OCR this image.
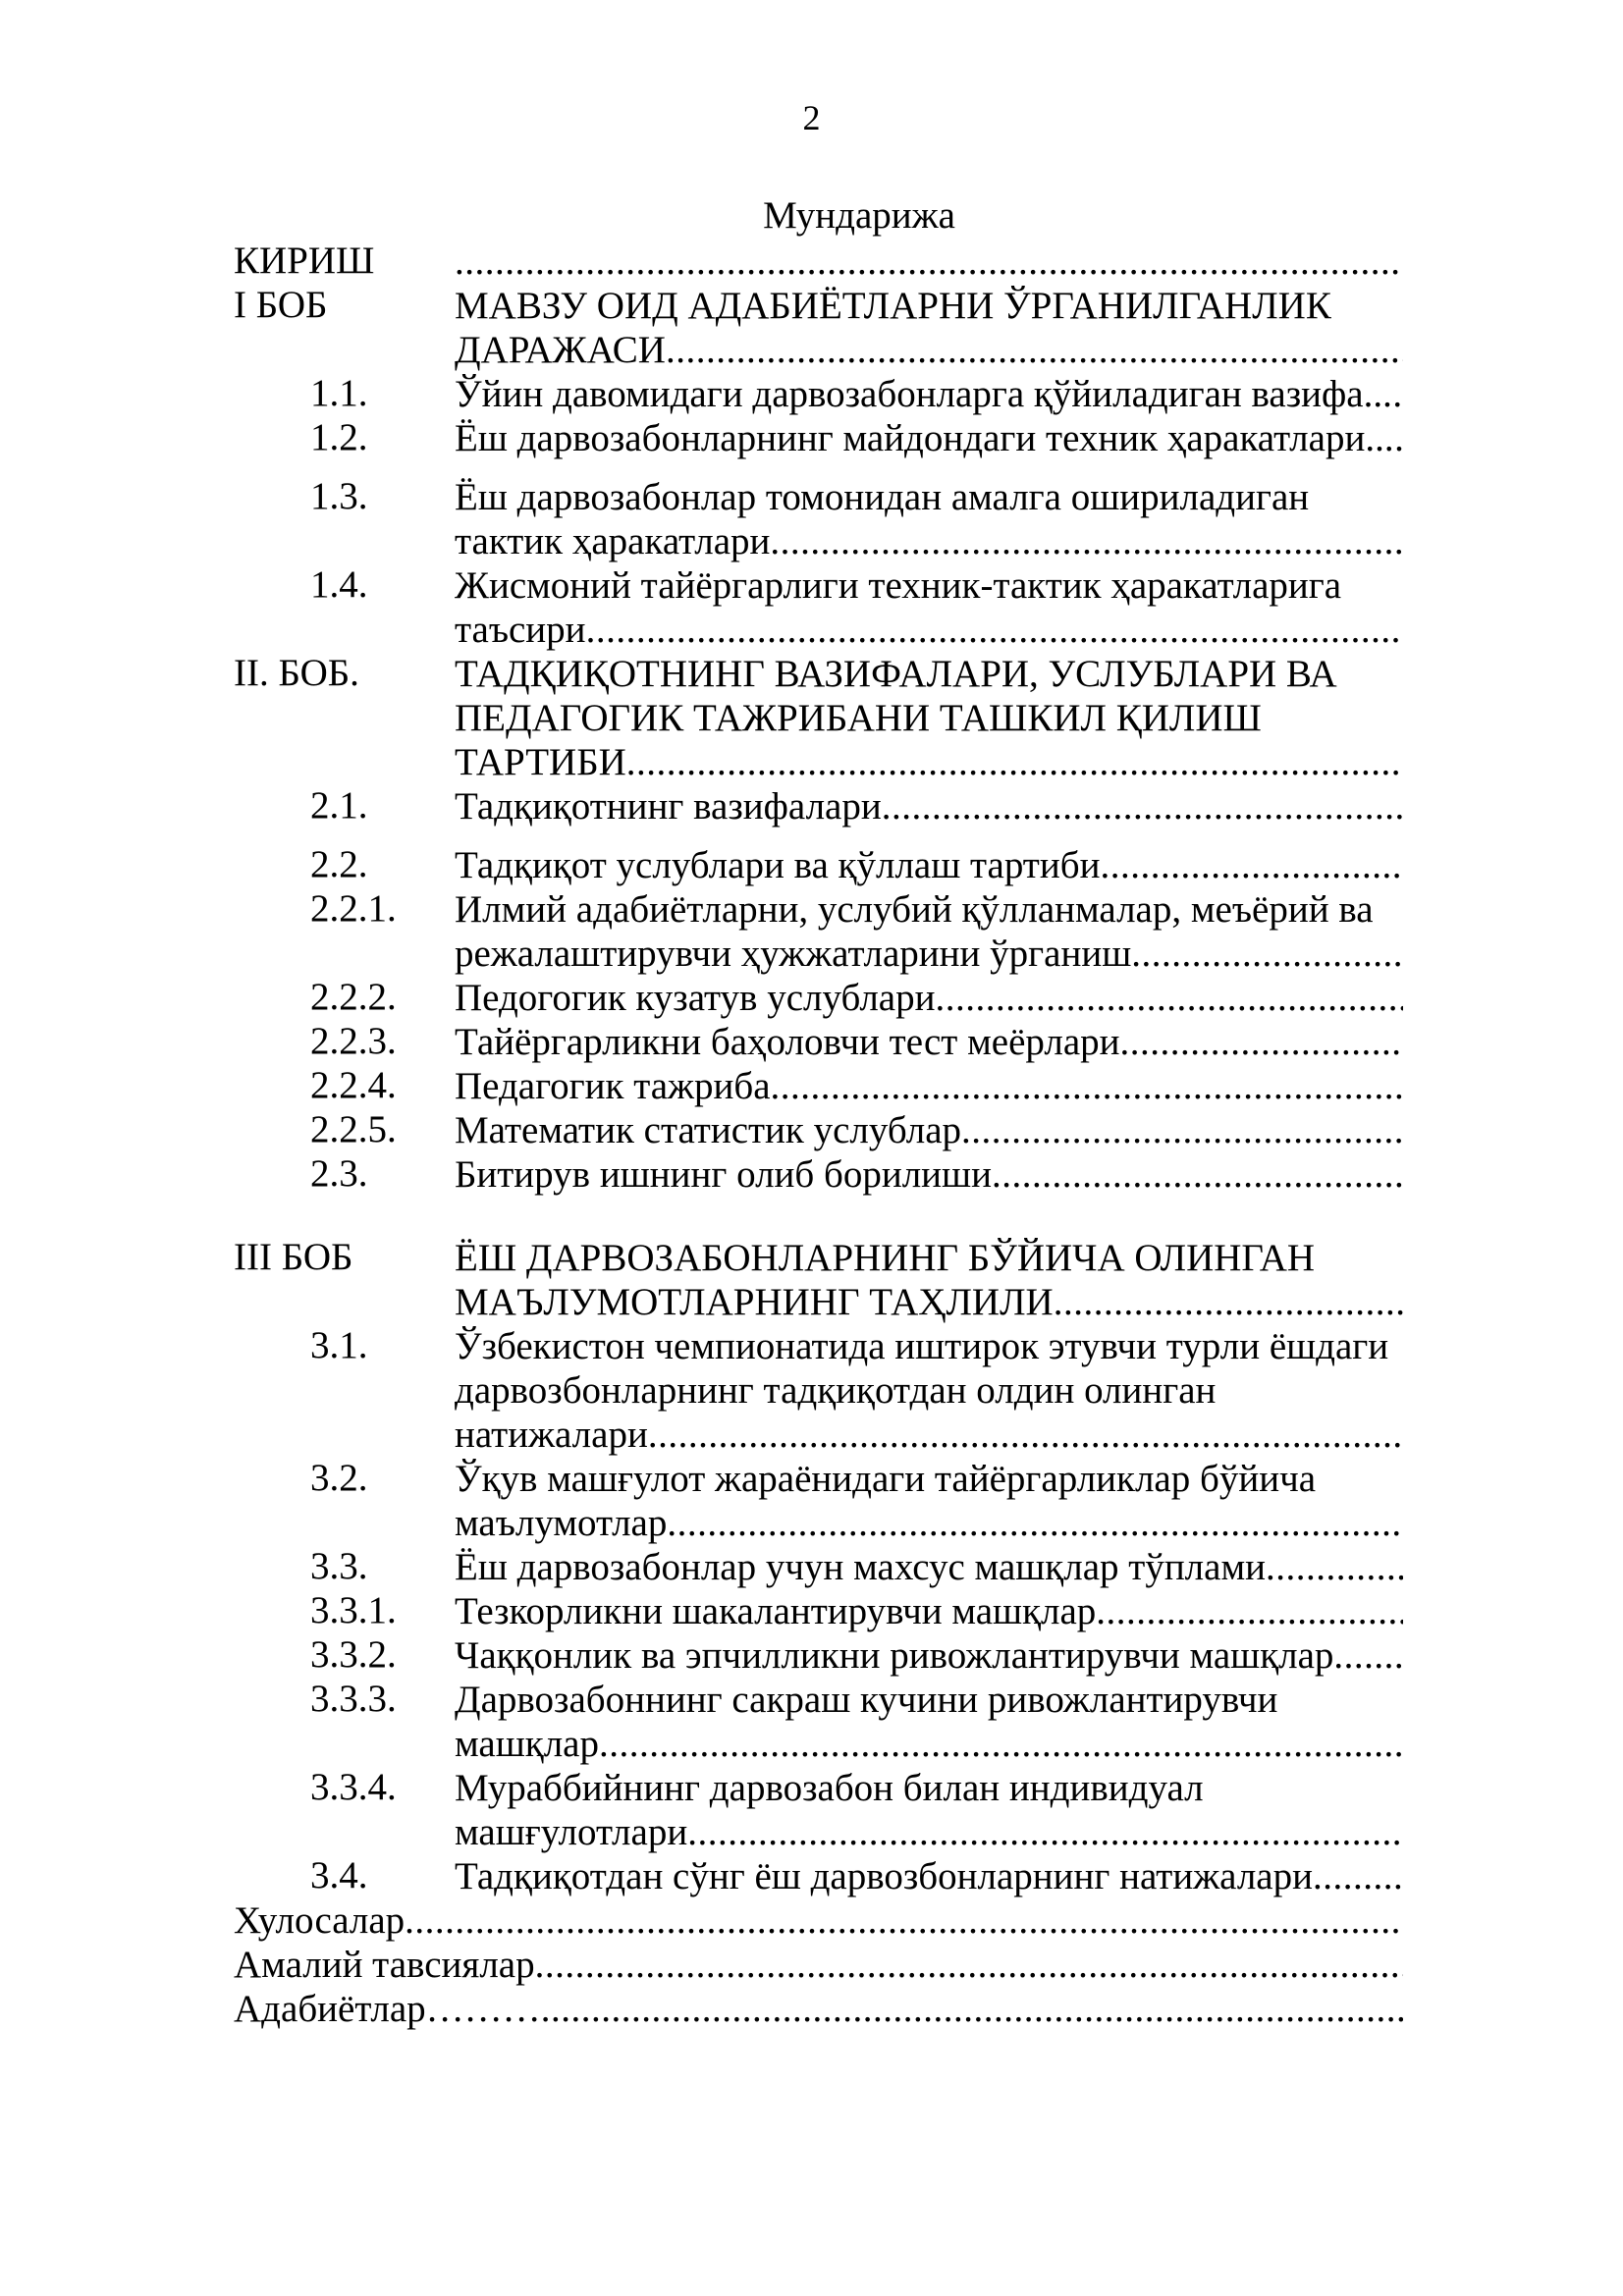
2
Мундарижа
КИРИШ
.....
I БОБ	МАВЗУ ОИД АДАБИЁТЛАРНИ ЎРГАНИЛГАНЛИК
ДАРАЖАСИ
.....
1.1. Ўйин давомидаги дарвозабонларга қўйиладиган вазифа..
.....
1.2. Ёш дарвозабонларнинг майдондаги техник ҳаракатлари..
.....
1.3. Ёш дарвозабонлар томонидан амалга ошириладиган
тактик ҳаракатлари
.....
1.4. Жисмоний тайёргарлиги техник-тактик ҳаракатларига
таъсири
.....
II. БОБ. ТАДҚИҚОТНИНГ ВАЗИФАЛАРИ, УСЛУБЛАРИ ВА
ПЕДАГОГИК ТАЖРИБАНИ ТАШКИЛ ҚИЛИШ
ТАРТИБИ
.....
2.1. Тадқиқотнинг вазифалари
.....
2.2. Тадқиқот услублари ва қўллаш тартиби
.....
2.2.1. Илмий адабиётларни, услубий қўлланмалар, меъёрий ва
режалаштирувчи ҳужжатларини ўрганиш
.....
2.2.2. Педогогик кузатув услублари
.....
2.2.3. Тайёргарликни баҳоловчи тест меёрлари
.....
2.2.4. Педагогик тажриба
.....
2.2.5. Математик статистик услублар
.....
2.3. Битирув ишнинг олиб борилиши
.....
III БОБ	ЁШ ДАРВОЗАБОНЛАРНИНГ БЎЙИЧА ОЛИНГАН
МАЪЛУМОТЛАРНИНГ ТАҲЛИЛИ
.....
3.1. Ўзбекистон чемпионатида иштирок этувчи турли ёшдаги
дарвозбонларнинг тадқиқотдан олдин олинган
натижалари
.....
3.2. Ўқув машғулот жараёнидаги тайёргарликлар бўйича
маълумотлар
.....
3.3. Ёш дарвозабонлар учун махсус машқлар тўплами
.....
3.3.1. Тезкорликни шакалантирувчи машқлар
.....
3.3.2. Чаққонлик ва эпчилликни ривожлантирувчи машқлар
.....
3.3.3. Дарвозабоннинг сакраш кучини ривожлантирувчи
машқлар
.....
3.3.4. Мураббийнинг дарвозабон билан индивидуал
машғулотлари
.....
3.4. Тадқиқотдан сўнг ёш дарвозбонларнинг натижалари
.....
Хулосалар
.....
Амалий тавсиялар
.....
Адабиётлар………
.....
